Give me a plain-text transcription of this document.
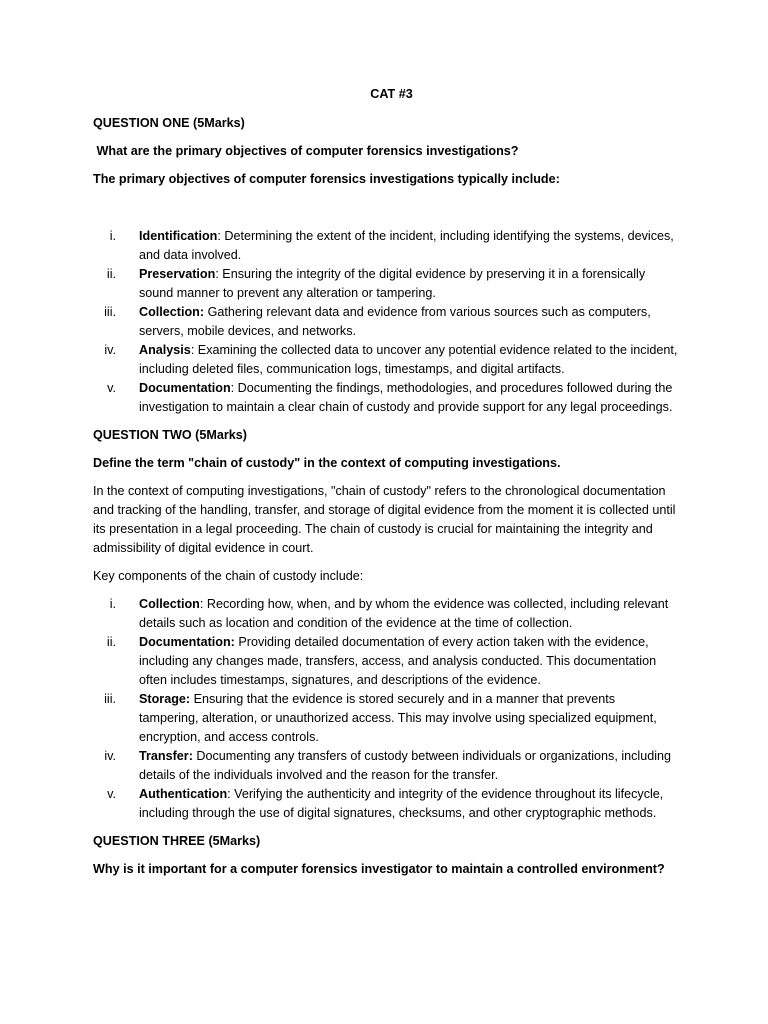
CAT #3

QUESTION ONE (5Marks)

What are the primary objectives of computer forensics investigations?

The primary objectives of computer forensics investigations typically include:

i. Identification: Determining the extent of the incident, including identifying the systems, devices, and data involved.
ii. Preservation: Ensuring the integrity of the digital evidence by preserving it in a forensically sound manner to prevent any alteration or tampering.
iii. Collection: Gathering relevant data and evidence from various sources such as computers, servers, mobile devices, and networks.
iv. Analysis: Examining the collected data to uncover any potential evidence related to the incident, including deleted files, communication logs, timestamps, and digital artifacts.
v. Documentation: Documenting the findings, methodologies, and procedures followed during the investigation to maintain a clear chain of custody and provide support for any legal proceedings.

QUESTION TWO (5Marks)

Define the term "chain of custody" in the context of computing investigations.

In the context of computing investigations, "chain of custody" refers to the chronological documentation and tracking of the handling, transfer, and storage of digital evidence from the moment it is collected until its presentation in a legal proceeding. The chain of custody is crucial for maintaining the integrity and admissibility of digital evidence in court.

Key components of the chain of custody include:

i. Collection: Recording how, when, and by whom the evidence was collected, including relevant details such as location and condition of the evidence at the time of collection.
ii. Documentation: Providing detailed documentation of every action taken with the evidence, including any changes made, transfers, access, and analysis conducted. This documentation often includes timestamps, signatures, and descriptions of the evidence.
iii. Storage: Ensuring that the evidence is stored securely and in a manner that prevents tampering, alteration, or unauthorized access. This may involve using specialized equipment, encryption, and access controls.
iv. Transfer: Documenting any transfers of custody between individuals or organizations, including details of the individuals involved and the reason for the transfer.
v. Authentication: Verifying the authenticity and integrity of the evidence throughout its lifecycle, including through the use of digital signatures, checksums, and other cryptographic methods.

QUESTION THREE (5Marks)

Why is it important for a computer forensics investigator to maintain a controlled environment?
